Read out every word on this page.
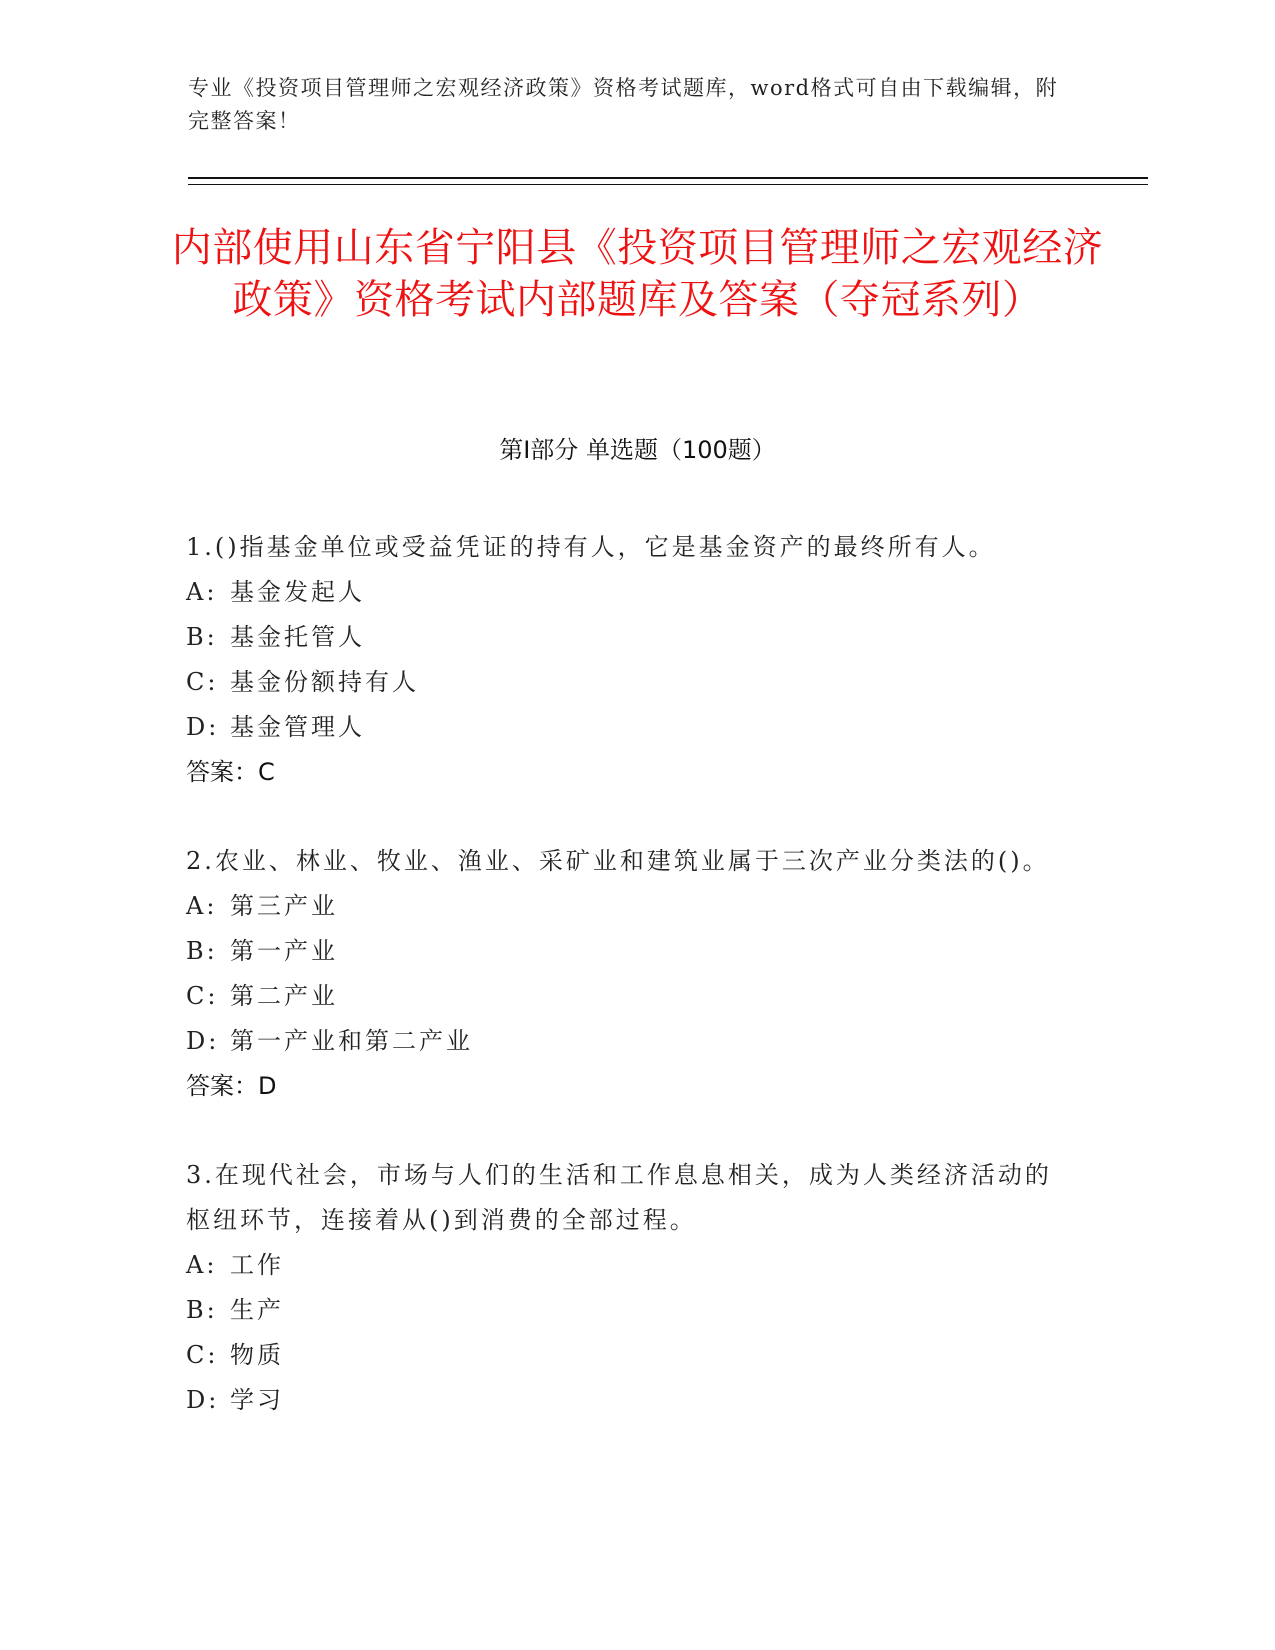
专业《投资项目管理师之宏观经济政策》资格考试题库，word格式可自由下载编辑，附完整答案！
内部使用山东省宁阳县《投资项目管理师之宏观经济政策》资格考试内部题库及答案（夺冠系列）
第Ⅰ部分 单选题（100题）
1.()指基金单位或受益凭证的持有人，它是基金资产的最终所有人。
A: 基金发起人
B: 基金托管人
C: 基金份额持有人
D: 基金管理人
答案：C
2.农业、林业、牧业、渔业、采矿业和建筑业属于三次产业分类法的()。
A: 第三产业
B: 第一产业
C: 第二产业
D: 第一产业和第二产业
答案：D
3.在现代社会，市场与人们的生活和工作息息相关，成为人类经济活动的枢纽环节，连接着从()到消费的全部过程。
A: 工作
B: 生产
C: 物质
D: 学习
